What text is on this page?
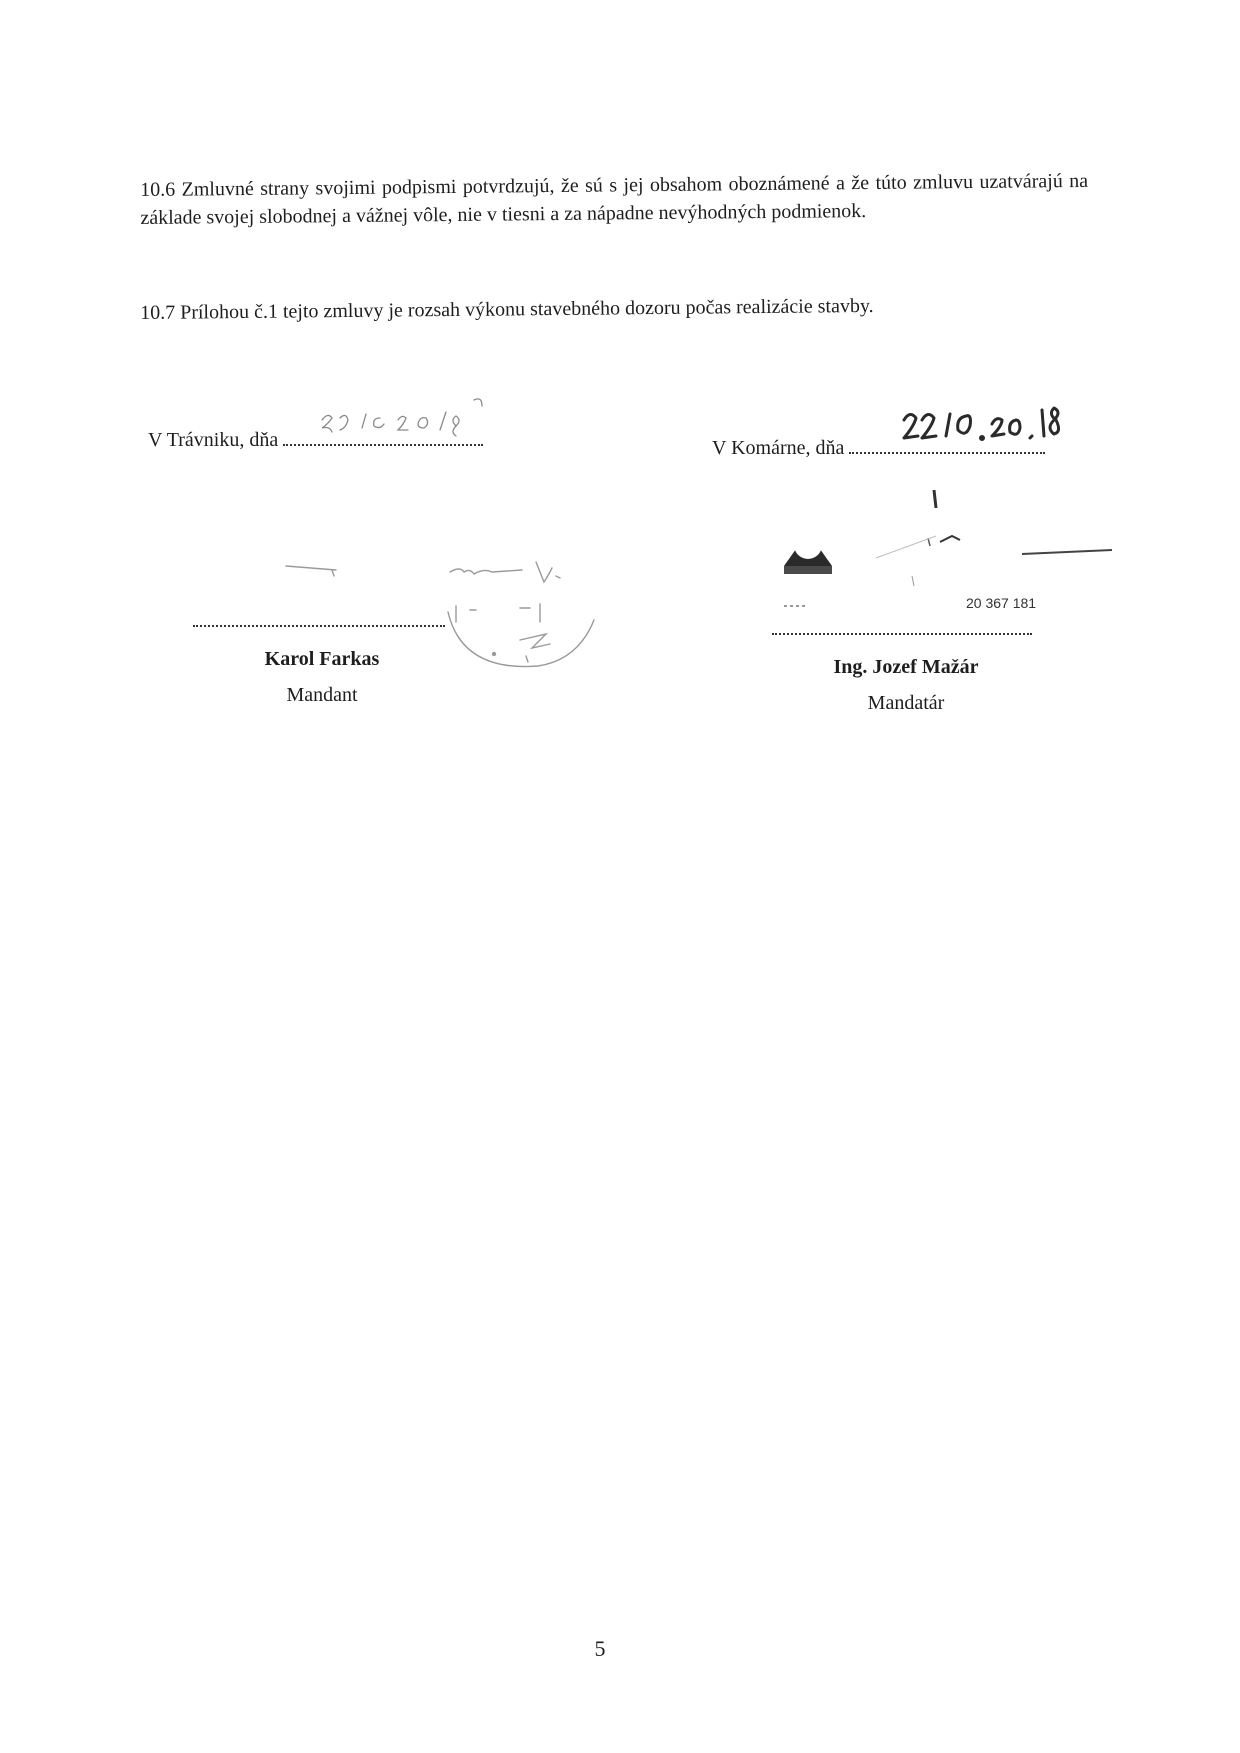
10.6 Zmluvné strany svojimi podpismi potvrdzujú, že sú s jej obsahom oboznámené a že túto zmluvu uzatvárajú na základe svojej slobodnej a vážnej vôle, nie v tiesni a za nápadne nevýhodných podmienok.
10.7 Prílohou č.1 tejto zmluvy je rozsah výkonu stavebného dozoru počas realizácie stavby.
V Trávniku, dňa	V Komárne, dňa
Karol Farkas
Mandant
Ing. Jozef Mažár
Mandatár
20 367 181
5
